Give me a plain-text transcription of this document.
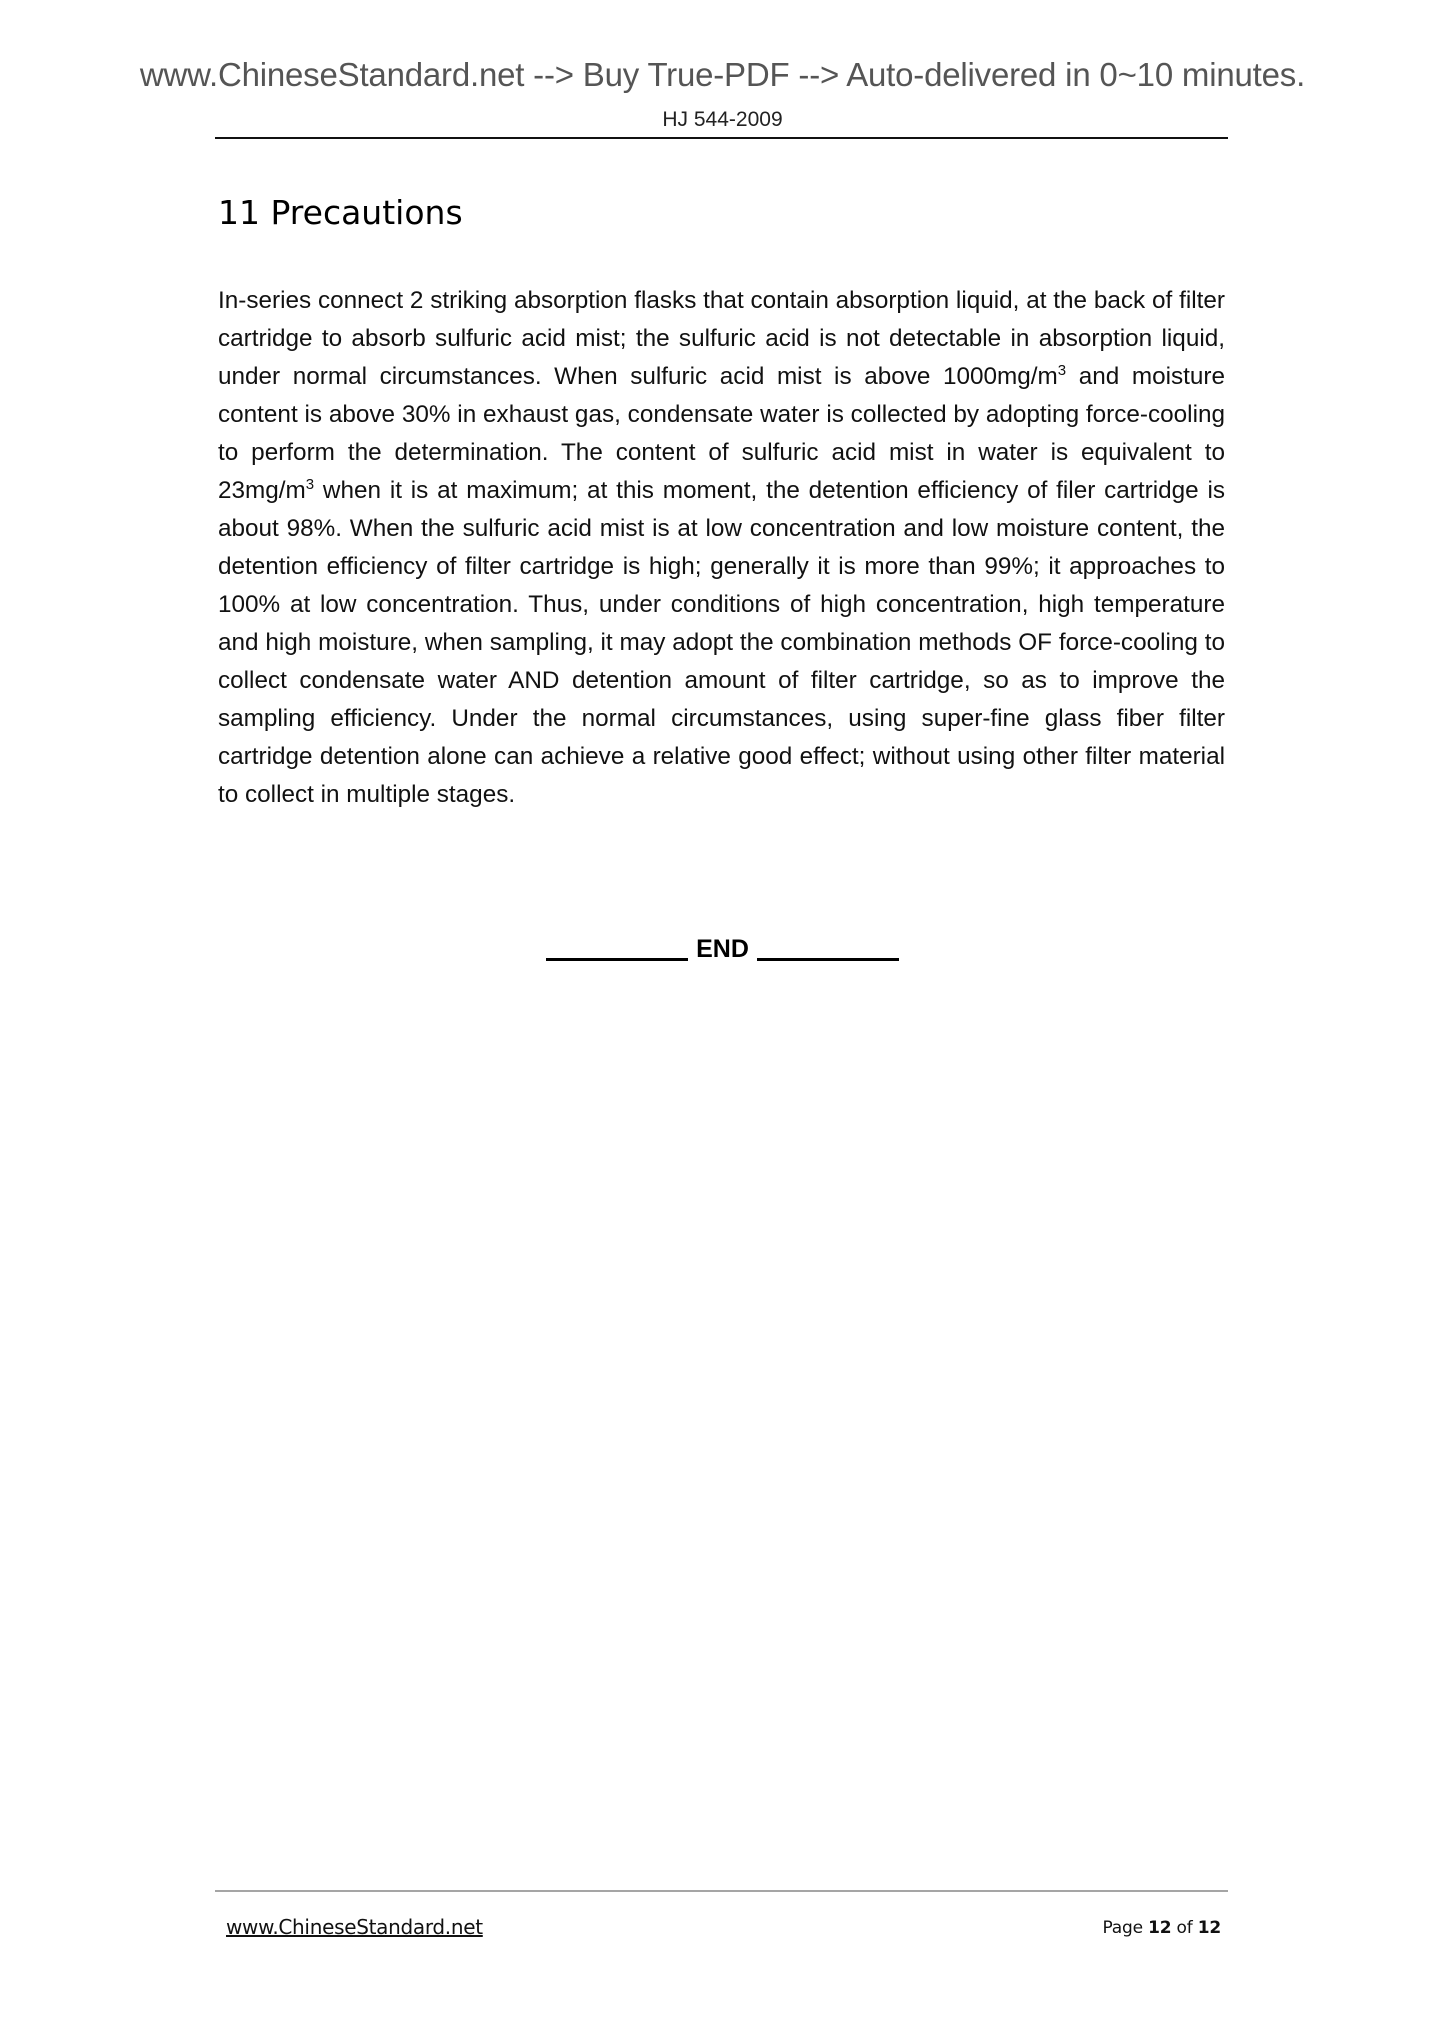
www.ChineseStandard.net --> Buy True-PDF --> Auto-delivered in 0~10 minutes.
HJ 544-2009
11 Precautions

In-series connect 2 striking absorption flasks that contain absorption liquid, at the back of filter cartridge to absorb sulfuric acid mist; the sulfuric acid is not detectable in absorption liquid, under normal circumstances. When sulfuric acid mist is above $1000mg/m^3$ and moisture content is above 30% in exhaust gas, condensate water is collected by adopting force-cooling to perform the determination. The content of sulfuric acid mist in water is equivalent to $23mg/m^3$ when it is at maximum; at this moment, the detention efficiency of filer cartridge is about 98%. When the sulfuric acid mist is at low concentration and low moisture content, the detention efficiency of filter cartridge is high; generally it is more than 99%; it approaches to 100% at low concentration. Thus, under conditions of high concentration, high temperature and high moisture, when sampling, it may adopt the combination methods OF force-cooling to collect condensate water AND detention amount of filter cartridge, so as to improve the sampling efficiency. Under the normal circumstances, using super-fine glass fiber filter cartridge detention alone can achieve a relative good effect; without using other filter material to collect in multiple stages.

END
www.ChineseStandard.net	Page 12 of 12
